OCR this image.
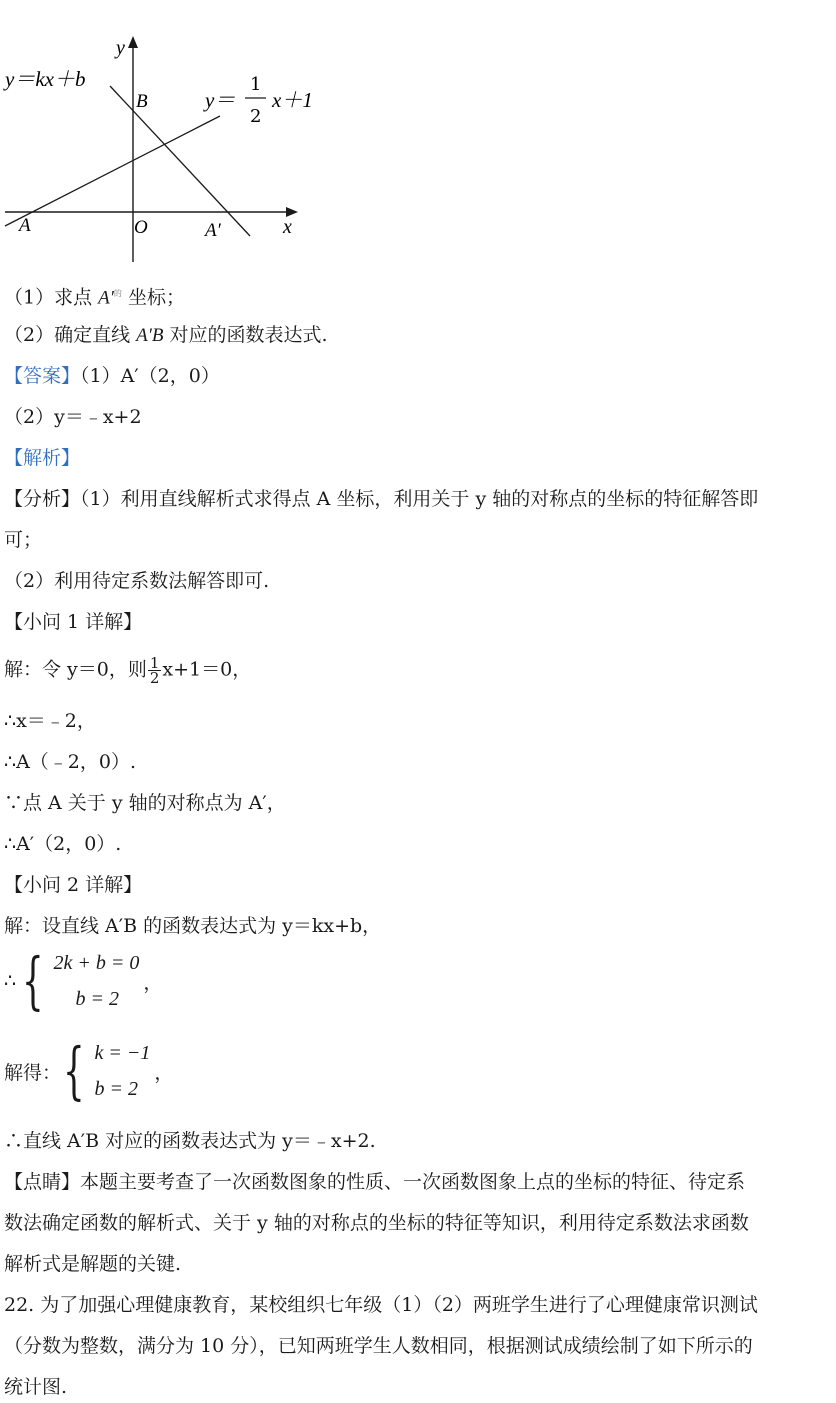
y
x
y＝kx＋b
y＝
1
2
x＋1
A	O	A′
B
（1）求点 $A'^的$ 坐标；
（2）确定直线 A′B 对应的函数表达式.
【答案】（1）A′（2，0）
（2）y＝﹣x+2
【解析】
【分析】（1）利用直线解析式求得点 A 坐标，利用关于 y 轴的对称点的坐标的特征解答即
可；
（2）利用待定系数法解答即可.
【小问 1 详解】
解：令 y＝0，则 $\frac{1}{2} x+1=0$，
∴x＝﹣2，
∴A（﹣2，0）.
∵点 A 关于 y 轴的对称点为 A′，
∴A′（2，0）.
【小问 2 详解】
解：设直线 A′B 的函数表达式为 y＝kx+b，
∴ { 2k + b = 0
b = 2
，
解得： { k = −1
b = 2
，
∴直线 A′B 对应的函数表达式为 y＝﹣x+2.
【点睛】本题主要考查了一次函数图象的性质、一次函数图象上点的坐标的特征、待定系
数法确定函数的解析式、关于 y 轴的对称点的坐标的特征等知识，利用待定系数法求函数
解析式是解题的关键.
22. 为了加强心理健康教育，某校组织七年级（1）（2）两班学生进行了心理健康常识测试
（分数为整数，满分为 10 分），已知两班学生人数相同，根据测试成绩绘制了如下所示的
统计图.
